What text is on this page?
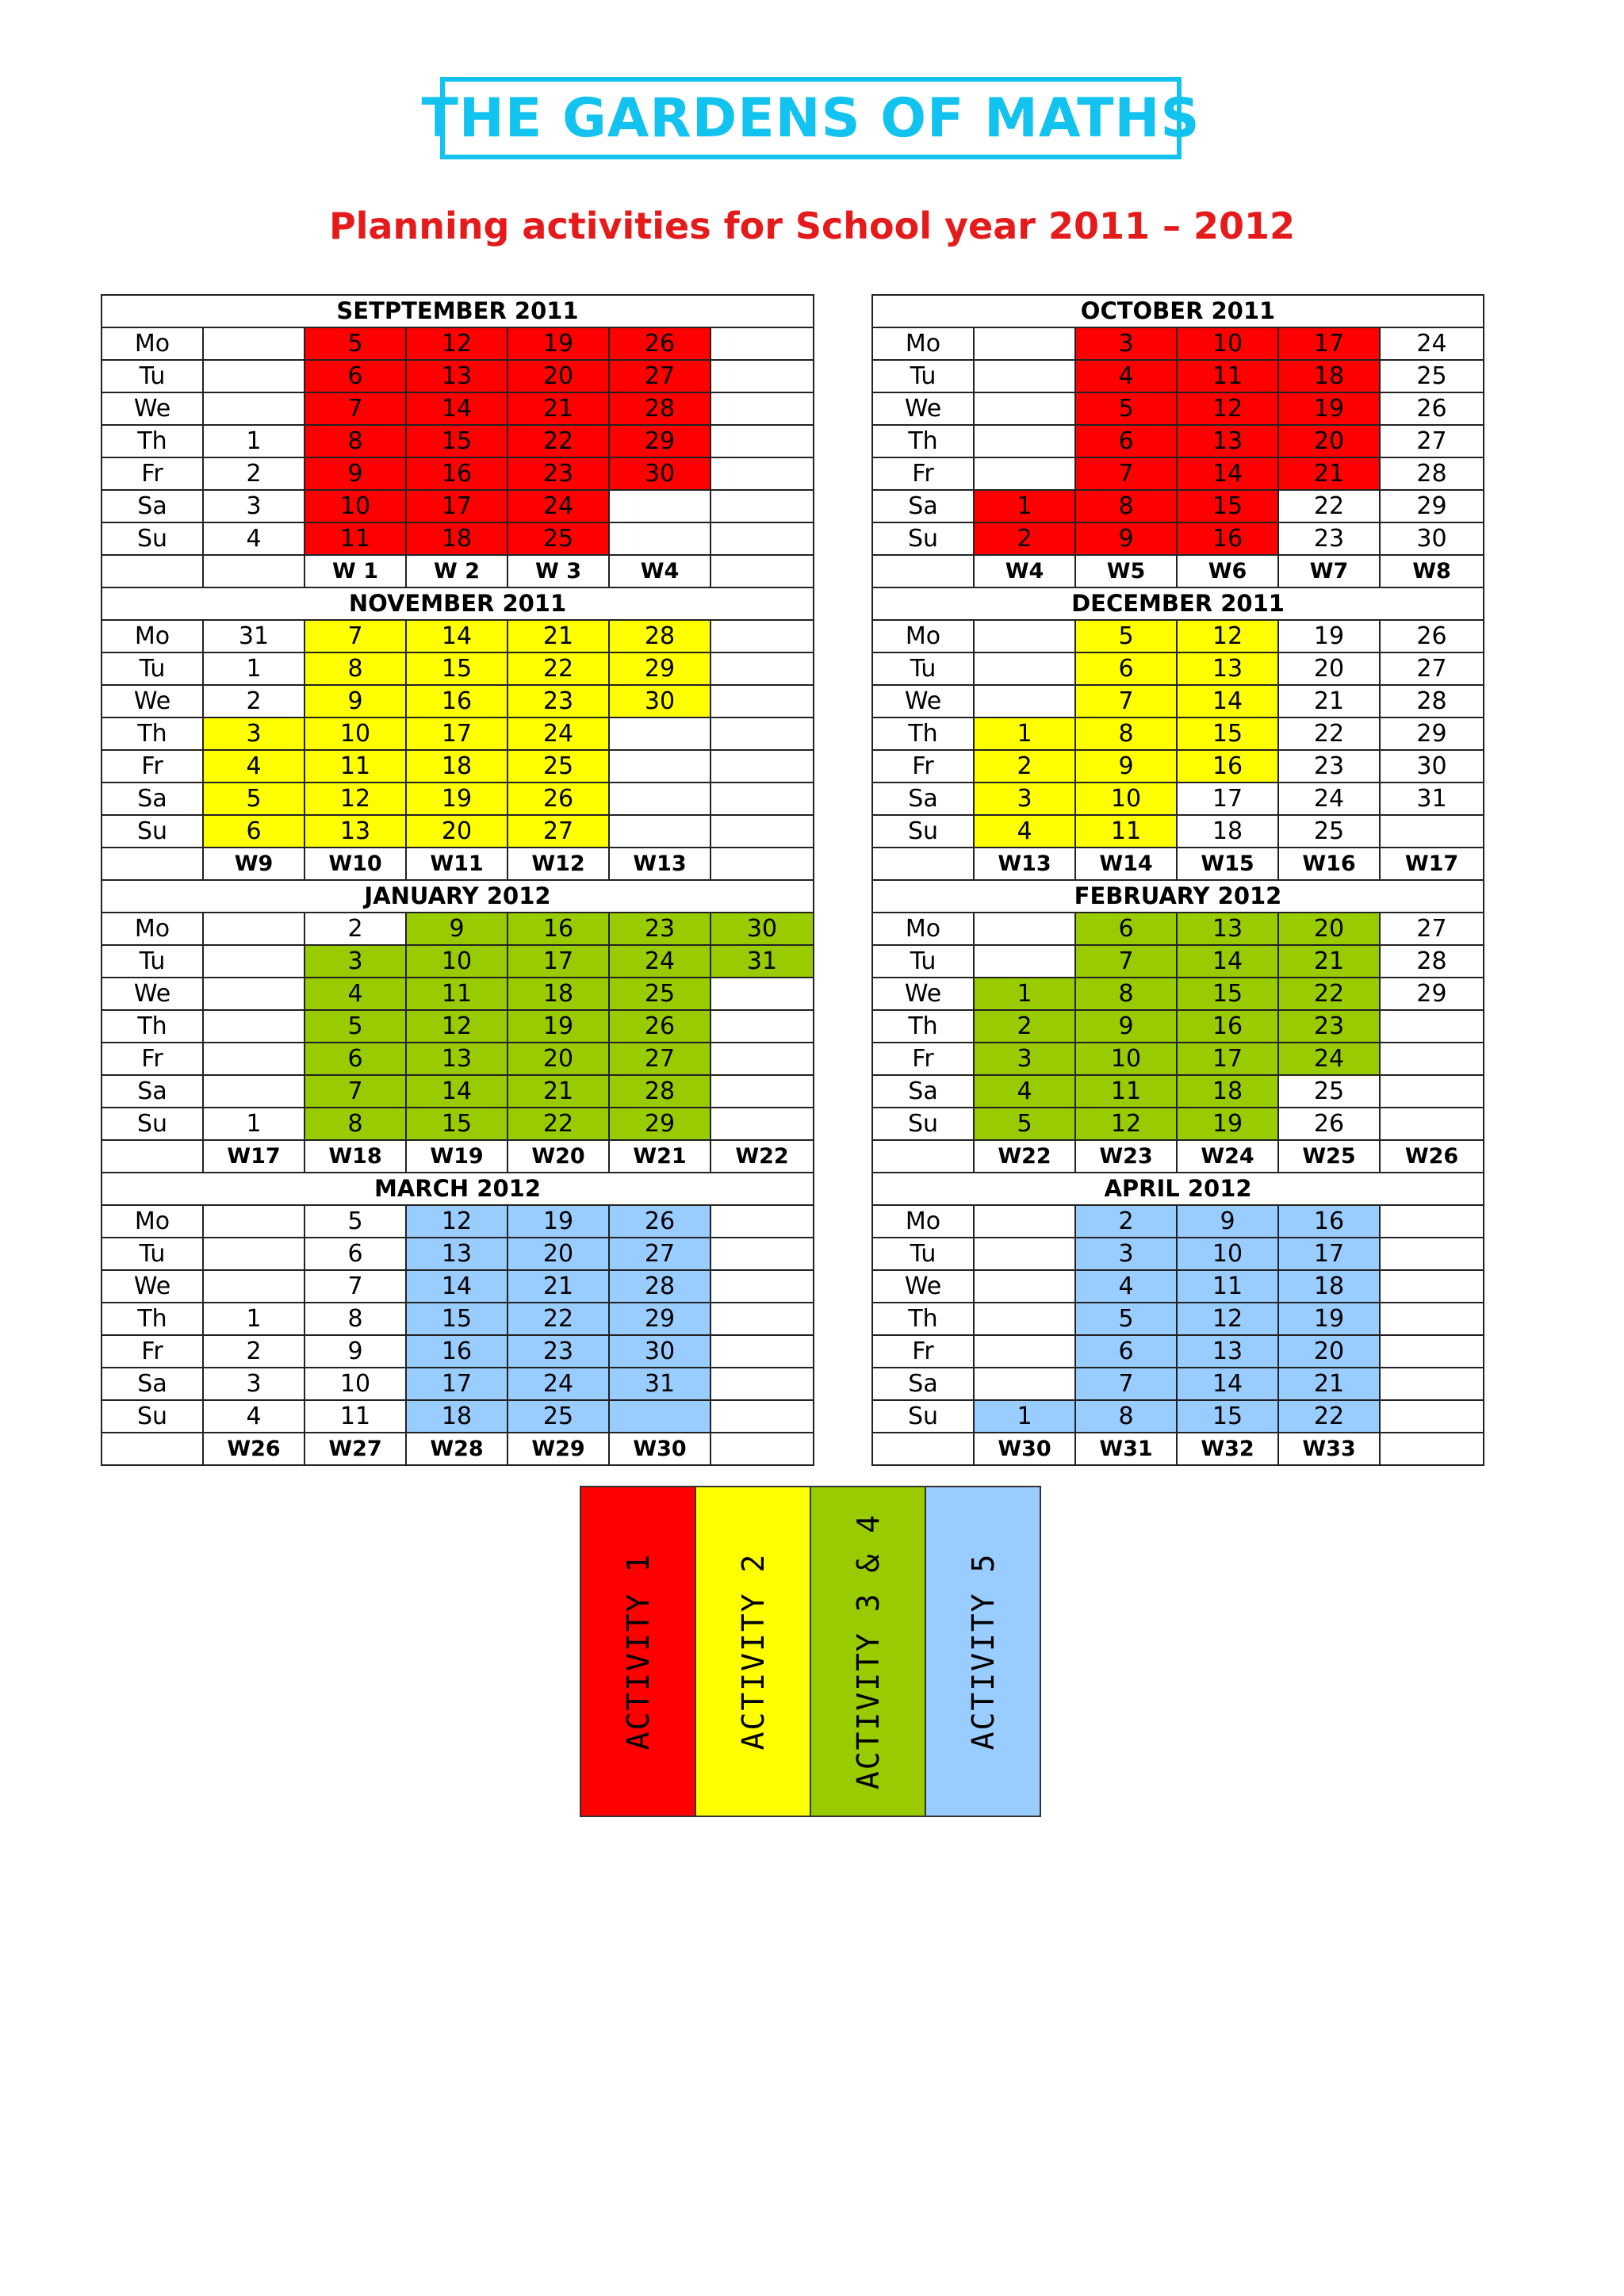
THE GARDENS OF MATHS
Planning activities for School year 2011 – 2012
SETPTEMBER 2011						
Mo		5	12	19	26	
Tu		6	13	20	27	
We		7	14	21	28	
Th	1	8	15	22	29	
Fr	2	9	16	23	30	
Sa	3	10	17	24		
Su	4	11	18	25		
		W 1	W 2	W 3	W4	
NOVEMBER 2011						
Mo	31	7	14	21	28	
Tu	1	8	15	22	29	
We	2	9	16	23	30	
Th	3	10	17	24		
Fr	4	11	18	25		
Sa	5	12	19	26		
Su	6	13	20	27		
	W9	W10	W11	W12	W13	
JANUARY 2012						
Mo		2	9	16	23	30
Tu		3	10	17	24	31
We		4	11	18	25	
Th		5	12	19	26	
Fr		6	13	20	27	
Sa		7	14	21	28	
Su	1	8	15	22	29	
	W17	W18	W19	W20	W21	W22
MARCH 2012						
Mo		5	12	19	26	
Tu		6	13	20	27	
We		7	14	21	28	
Th	1	8	15	22	29	
Fr	2	9	16	23	30	
Sa	3	10	17	24	31	
Su	4	11	18	25		
	W26	W27	W28	W29	W30	
OCTOBER 2011					
Mo		3	10	17	24
Tu		4	11	18	25
We		5	12	19	26
Th		6	13	20	27
Fr		7	14	21	28
Sa	1	8	15	22	29
Su	2	9	16	23	30
	W4	W5	W6	W7	W8
DECEMBER 2011					
Mo		5	12	19	26
Tu		6	13	20	27
We		7	14	21	28
Th	1	8	15	22	29
Fr	2	9	16	23	30
Sa	3	10	17	24	31
Su	4	11	18	25	
	W13	W14	W15	W16	W17
FEBRUARY 2012					
Mo		6	13	20	27
Tu		7	14	21	28
We	1	8	15	22	29
Th	2	9	16	23	
Fr	3	10	17	24	
Sa	4	11	18	25	
Su	5	12	19	26	
	W22	W23	W24	W25	W26
APRIL 2012					
Mo		2	9	16	
Tu		3	10	17	
We		4	11	18	
Th		5	12	19	
Fr		6	13	20	
Sa		7	14	21	
Su	1	8	15	22	
	W30	W31	W32	W33	
ACTIVITY 1	ACTIVITY 2	ACTIVITY 3 & 4	ACTIVITY 5
